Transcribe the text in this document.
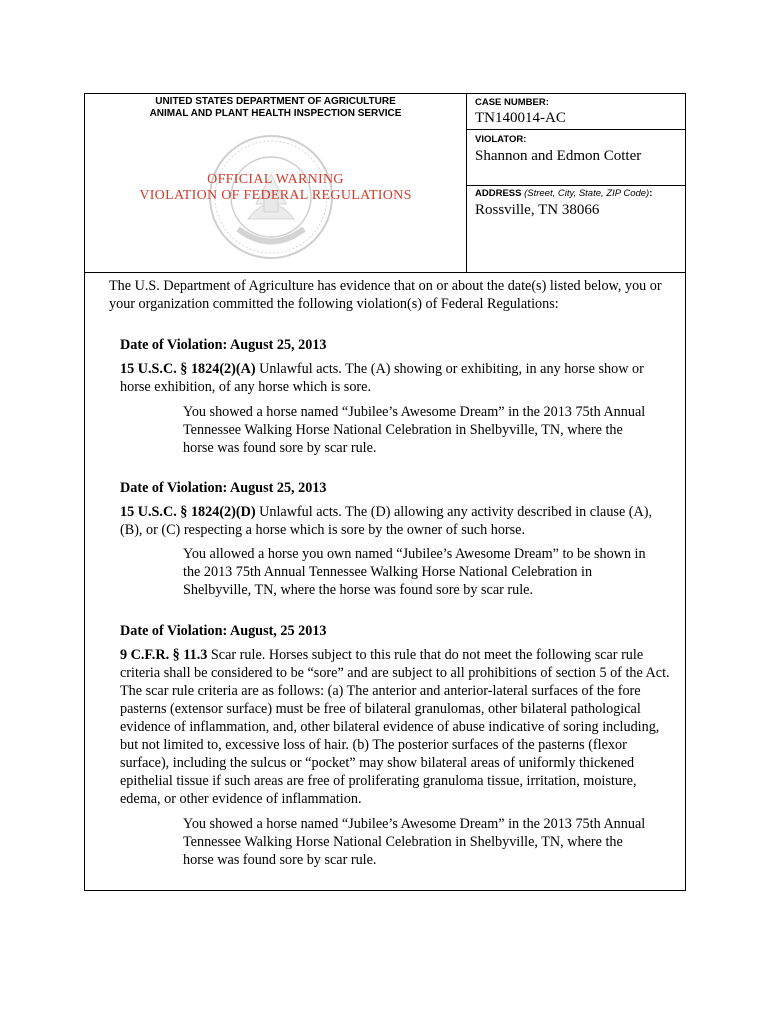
UNITED STATES DEPARTMENT OF AGRICULTURE
ANIMAL AND PLANT HEALTH INSPECTION SERVICE
OFFICIAL WARNING
VIOLATION OF FEDERAL REGULATIONS
CASE NUMBER:
TN140014-AC
VIOLATOR:
Shannon and Edmon Cotter
ADDRESS (Street, City, State, ZIP Code):
Rossville, TN 38066
The U.S. Department of Agriculture has evidence that on or about the date(s) listed below, you or your organization committed the following violation(s) of Federal Regulations:
Date of Violation: August 25, 2013
15 U.S.C. § 1824(2)(A) Unlawful acts. The (A) showing or exhibiting, in any horse show or horse exhibition, of any horse which is sore.
You showed a horse named “Jubilee’s Awesome Dream” in the 2013 75th Annual Tennessee Walking Horse National Celebration in Shelbyville, TN, where the horse was found sore by scar rule.
Date of Violation: August 25, 2013
15 U.S.C. § 1824(2)(D) Unlawful acts. The (D) allowing any activity described in clause (A), (B), or (C) respecting a horse which is sore by the owner of such horse.
You allowed a horse you own named “Jubilee’s Awesome Dream” to be shown in the 2013 75th Annual Tennessee Walking Horse National Celebration in Shelbyville, TN, where the horse was found sore by scar rule.
Date of Violation: August, 25 2013
9 C.F.R. § 11.3 Scar rule. Horses subject to this rule that do not meet the following scar rule criteria shall be considered to be “sore” and are subject to all prohibitions of section 5 of the Act. The scar rule criteria are as follows: (a) The anterior and anterior-lateral surfaces of the fore pasterns (extensor surface) must be free of bilateral granulomas, other bilateral pathological evidence of inflammation, and, other bilateral evidence of abuse indicative of soring including, but not limited to, excessive loss of hair. (b) The posterior surfaces of the pasterns (flexor surface), including the sulcus or “pocket” may show bilateral areas of uniformly thickened epithelial tissue if such areas are free of proliferating granuloma tissue, irritation, moisture, edema, or other evidence of inflammation.
You showed a horse named “Jubilee’s Awesome Dream” in the 2013 75th Annual Tennessee Walking Horse National Celebration in Shelbyville, TN, where the horse was found sore by scar rule.
